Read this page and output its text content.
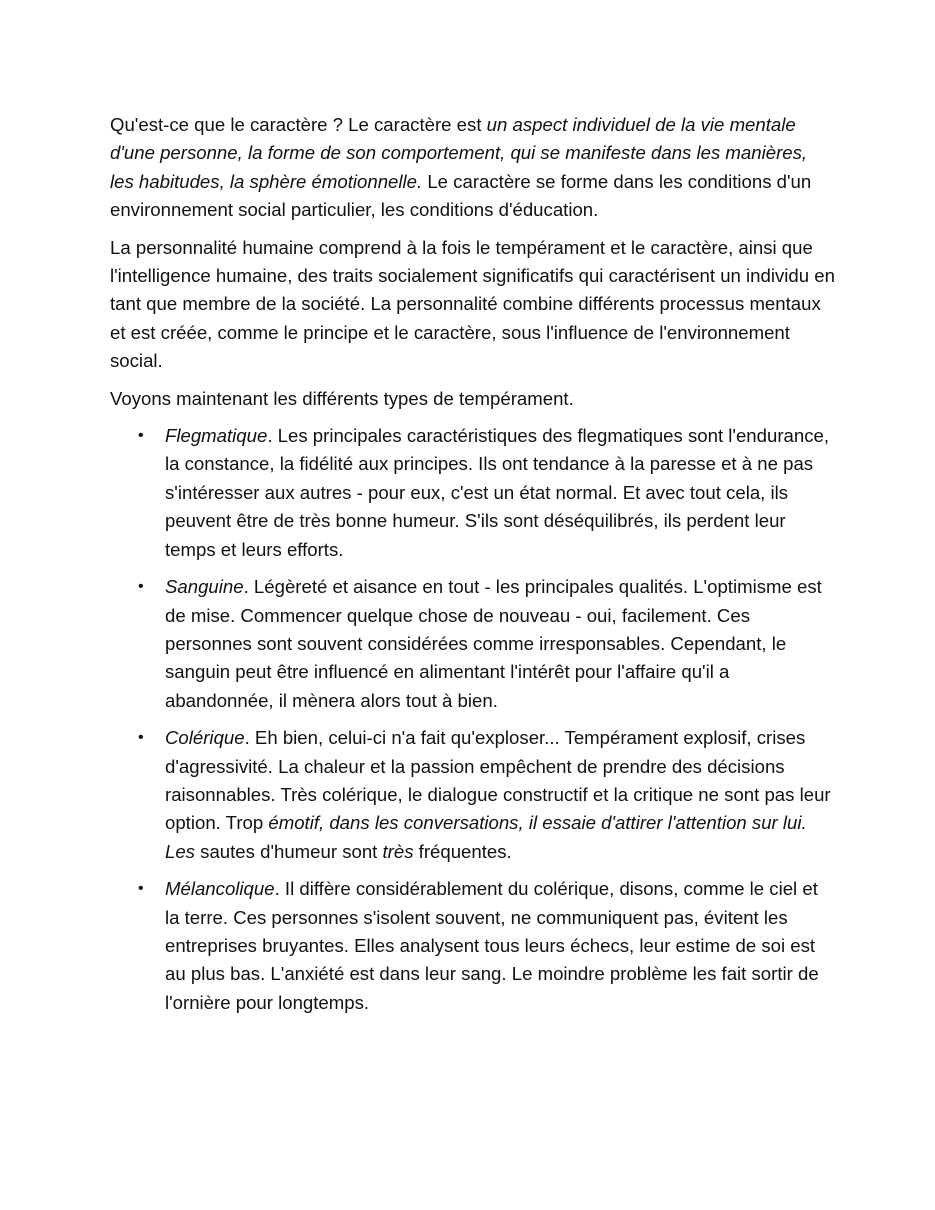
Qu'est-ce que le caractère ? Le caractère est un aspect individuel de la vie mentale d'une personne, la forme de son comportement, qui se manifeste dans les manières, les habitudes, la sphère émotionnelle. Le caractère se forme dans les conditions d'un environnement social particulier, les conditions d'éducation.

La personnalité humaine comprend à la fois le tempérament et le caractère, ainsi que l'intelligence humaine, des traits socialement significatifs qui caractérisent un individu en tant que membre de la société. La personnalité combine différents processus mentaux et est créée, comme le principe et le caractère, sous l'influence de l'environnement social.

Voyons maintenant les différents types de tempérament.

• Flegmatique. Les principales caractéristiques des flegmatiques sont l'endurance, la constance, la fidélité aux principes. Ils ont tendance à la paresse et à ne pas s'intéresser aux autres - pour eux, c'est un état normal. Et avec tout cela, ils peuvent être de très bonne humeur. S'ils sont déséquilibrés, ils perdent leur temps et leurs efforts.
• Sanguine. Légèreté et aisance en tout - les principales qualités. L'optimisme est de mise. Commencer quelque chose de nouveau - oui, facilement. Ces personnes sont souvent considérées comme irresponsables. Cependant, le sanguin peut être influencé en alimentant l'intérêt pour l'affaire qu'il a abandonnée, il mènera alors tout à bien.
• Colérique. Eh bien, celui-ci n'a fait qu'exploser... Tempérament explosif, crises d'agressivité. La chaleur et la passion empêchent de prendre des décisions raisonnables. Très colérique, le dialogue constructif et la critique ne sont pas leur option. Trop émotif, dans les conversations, il essaie d'attirer l'attention sur lui. Les sautes d'humeur sont très fréquentes.
• Mélancolique. Il diffère considérablement du colérique, disons, comme le ciel et la terre. Ces personnes s'isolent souvent, ne communiquent pas, évitent les entreprises bruyantes. Elles analysent tous leurs échecs, leur estime de soi est au plus bas. L'anxiété est dans leur sang. Le moindre problème les fait sortir de l'ornière pour longtemps.
